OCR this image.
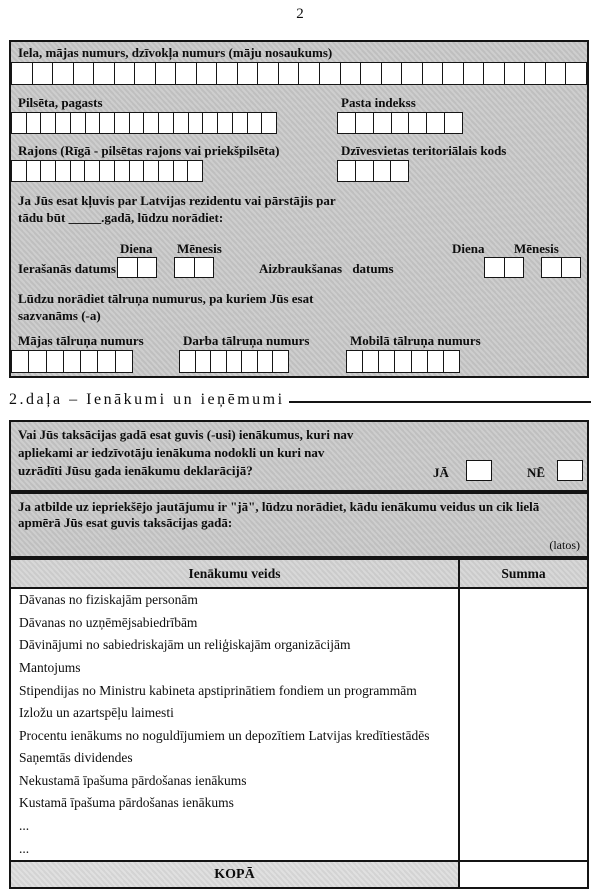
2
Iela, mājas numurs, dzīvokļa numurs (māju nosaukums)
Pilsēta, pagasts	Pasta indekss
Rajons (Rīgā - pilsētas rajons vai priekšpilsēta)	Dzīvesvietas teritoriālais kods
Ja Jūs esat kļuvis par Latvijas rezidentu vai pārstājis par
tādu būt _____.gadā, lūdzu norādiet:
Diena Mēnesis	Diena Mēnesis
Ierašanās datums	Aizbraukšanas datums
Lūdzu norādiet tālruņa numurus, pa kuriem Jūs esat
sazvanāms (-a)
Mājas tālruņa numurs	Darba tālruņa numurs	Mobilā tālruņa numurs
2.daļa – Ienākumi un ieņēmumi
Vai Jūs taksācijas gadā esat guvis (-usi) ienākumus, kuri nav
apliekami ar iedzīvotāju ienākuma nodokli un kuri nav
uzrādīti Jūsu gada ienākumu deklarācijā?	JĀ	NĒ
Ja atbilde uz iepriekšējo jautājumu ir "jā", lūdzu norādiet, kādu ienākumu veidus un cik lielā
apmērā Jūs esat guvis taksācijas gadā:
(latos)
Ienākumu veids	Summa
Dāvanas no fiziskajām personām
Dāvanas no uzņēmējsabiedrībām
Dāvinājumi no sabiedriskajām un reliģiskajām organizācijām
Mantojums
Stipendijas no Ministru kabineta apstiprinātiem fondiem un programmām
Izložu un azartspēļu laimesti
Procentu ienākums no noguldījumiem un depozītiem Latvijas kredītiestādēs
Saņemtās dividendes
Nekustamā īpašuma pārdošanas ienākums
Kustamā īpašuma pārdošanas ienākums
...
...
KOPĀ
